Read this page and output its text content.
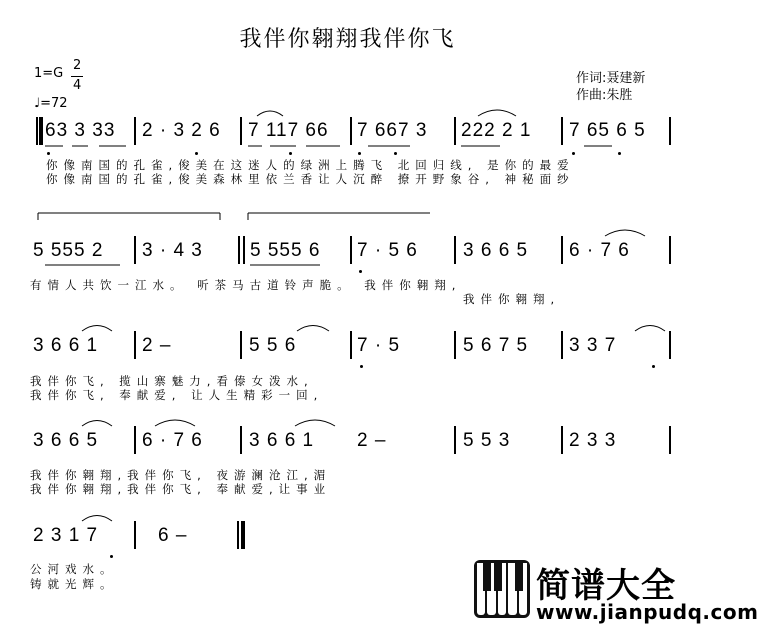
我伴你翱翔我伴你飞
1=G
2
4
♩=72
作词:聂建新
作曲:朱胜
63 3 33 2 · 3 2 6 7 117 66 7 667 3 222 2 1 7 65 6 5
你像南国的孔雀,俊美在这迷人的绿洲上腾飞 北回归线, 是你的最爱
你像南国的孔雀,俊美森林里依兰香让人沉醉 撩开野象谷, 神秘面纱
5 555 2 3 · 4 3 5 555 6 7 · 5 6 3 6 6 5 6 · 7 6
有情人共饮一江水。 听茶马古道铃声脆。 我伴你翱翔,
我伴你翱翔,
3 6 6 1 2 –	5 5 6	7 · 5	5 6 7 5 3 3 7
我伴你飞, 揽山寨魅力,看傣女泼水,
我伴你飞, 奉献爱, 让人生精彩一回,
3 6 6 5 6 · 7 6 3 6 6 1 2 –	5 5 3	2 3 3
我伴你翱翔,我伴你飞, 夜游澜沧江,湄
我伴你翱翔,我伴你飞, 奉献爱,让事业
2 3 1 7	6 –
公河戏水。
铸就光辉。	简谱大全
www.jianpudq.com
